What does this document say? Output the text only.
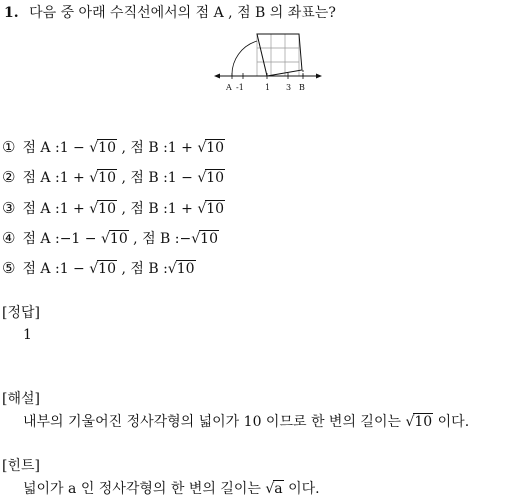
1. 다음 중 아래 수직선에서의 점 A , 점 B 의 좌표는?
A -1	1 3 B
① 점 A :1 − √10 , 점 B :1 + √10
② 점 A :1 + √10 , 점 B :1 − √10
③ 점 A :1 + √10 , 점 B :1 + √10
④ 점 A :−1 − √10 , 점 B :−√10
⑤ 점 A :1 − √10 , 점 B :√10
[정답]
1
[해설]
내부의 기울어진 정사각형의 넓이가 10 이므로 한 변의 길이는 √10 이다.
[힌트]
넓이가 a 인 정사각형의 한 변의 길이는 √a 이다.
